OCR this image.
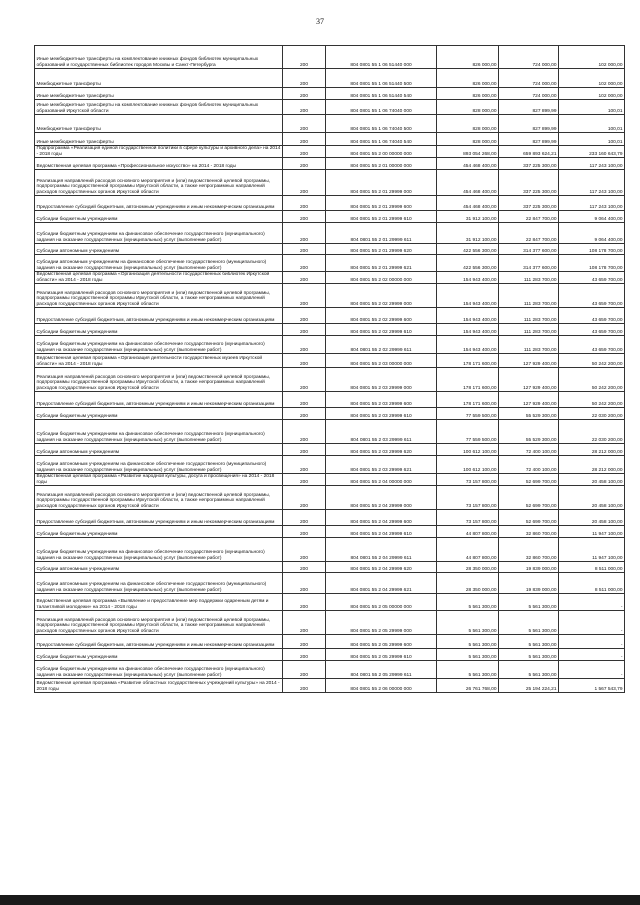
37
Иные межбюджетные трансферты на комплектование книжных фондов библиотек муниципальных образований и государственных библиотек городов Москвы и Санкт-Петербурга	200	804 0801 55 1 06 51440 000	826 000,00	724 000,00	102 000,00
Межбюджетные трансферты	200	804 0801 55 1 06 51440 500	826 000,00	724 000,00	102 000,00
Иные межбюджетные трансферты	200	804 0801 55 1 06 51440 540	826 000,00	724 000,00	102 000,00
Иные межбюджетные трансферты на комплектование книжных фондов библиотек муниципальных образований Иркутской области	200	804 0801 55 1 06 74040 000	828 000,00	827 899,99	100,01
Межбюджетные трансферты	200	804 0801 55 1 06 74040 500	828 000,00	827 899,99	100,01
Иные межбюджетные трансферты	200	804 0801 55 1 06 74040 540	828 000,00	827 899,99	100,01
Подпрограмма «Реализация единой государственной политики в сфере культуры и архивного дела» на 2014 - 2018 годы	200	804 0801 55 2 00 00000 000	893 054 268,00	659 893 624,21	233 160 643,79
Ведомственная целевая программа «Профессиональное искусство» на 2014 - 2018 годы	200	804 0801 55 2 01 00000 000	454 468 400,00	337 225 300,00	117 243 100,00
Реализация направлений расходов основного мероприятия и (или) ведомственной целевой программы, подпрограммы государственной программы Иркутской области, а также непрограммных направлений расходов государственных органов Иркутской области	200	804 0801 55 2 01 29999 000	454 468 400,00	337 225 300,00	117 243 100,00
Предоставление субсидий бюджетным, автономным учреждениям и иным некоммерческим организациям	200	804 0801 55 2 01 29999 600	454 468 400,00	337 225 300,00	117 243 100,00
Субсидии бюджетным учреждениям	200	804 0801 55 2 01 29999 610	31 912 100,00	22 847 700,00	9 064 400,00
Субсидии бюджетным учреждениям на финансовое обеспечение государственного (муниципального) задания на оказание государственных (муниципальных) услуг (выполнение работ)	200	804 0801 55 2 01 29999 611	31 912 100,00	22 847 700,00	9 064 400,00
Субсидии автономным учреждениям	200	804 0801 55 2 01 29999 620	422 556 300,00	314 377 600,00	108 178 700,00
Субсидии автономным учреждениям на финансовое обеспечение государственного (муниципального) задания на оказание государственных (муниципальных) услуг (выполнение работ)	200	804 0801 55 2 01 29999 621	422 556 300,00	314 377 600,00	108 178 700,00
Ведомственная целевая программа «Организация деятельности государственных библиотек Иркутской области» на 2014 - 2018 годы	200	804 0801 55 2 02 00000 000	154 943 400,00	111 283 700,00	43 659 700,00
Реализация направлений расходов основного мероприятия и (или) ведомственной целевой программы, подпрограммы государственной программы Иркутской области, а также непрограммных направлений расходов государственных органов Иркутской области	200	804 0801 55 2 02 29999 000	154 943 400,00	111 283 700,00	43 659 700,00
Предоставление субсидий бюджетным, автономным учреждениям и иным некоммерческим организациям	200	804 0801 55 2 02 29999 600	154 943 400,00	111 283 700,00	43 659 700,00
Субсидии бюджетным учреждениям	200	804 0801 55 2 02 29999 610	154 943 400,00	111 283 700,00	43 659 700,00
Субсидии бюджетным учреждениям на финансовое обеспечение государственного (муниципального) задания на оказание государственных (муниципальных) услуг (выполнение работ)	200	804 0801 55 2 02 29999 611	154 943 400,00	111 283 700,00	43 659 700,00
Ведомственная целевая программа «Организация деятельности государственных музеев Иркутской области» на 2014 - 2018 годы	200	804 0801 55 2 03 00000 000	178 171 600,00	127 929 400,00	50 242 200,00
Реализация направлений расходов основного мероприятия и (или) ведомственной целевой программы, подпрограммы государственной программы Иркутской области, а также непрограммных направлений расходов государственных органов Иркутской области	200	804 0801 55 2 03 29999 000	178 171 600,00	127 929 400,00	50 242 200,00
Предоставление субсидий бюджетным, автономным учреждениям и иным некоммерческим организациям	200	804 0801 55 2 03 29999 600	178 171 600,00	127 929 400,00	50 242 200,00
Субсидии бюджетным учреждениям	200	804 0801 55 2 03 29999 610	77 559 500,00	55 529 300,00	22 030 200,00
Субсидии бюджетным учреждениям на финансовое обеспечение государственного (муниципального) задания на оказание государственных (муниципальных) услуг (выполнение работ)	200	804 0801 55 2 03 29999 611	77 559 500,00	55 529 300,00	22 030 200,00
Субсидии автономным учреждениям	200	804 0801 55 2 03 29999 620	100 612 100,00	72 400 100,00	28 212 000,00
Субсидии автономным учреждениям на финансовое обеспечение государственного (муниципального) задания на оказание государственных (муниципальных) услуг (выполнение работ)	200	804 0801 55 2 03 29999 621	100 612 100,00	72 400 100,00	28 212 000,00
Ведомственная целевая программа «Развитие народной культуры, досуга и просвещения» на 2014 - 2018 годы	200	804 0801 55 2 04 00000 000	73 157 800,00	52 699 700,00	20 458 100,00
Реализация направлений расходов основного мероприятия и (или) ведомственной целевой программы, подпрограммы государственной программы Иркутской области, а также непрограммных направлений расходов государственных органов Иркутской области	200	804 0801 55 2 04 29999 000	73 157 800,00	52 699 700,00	20 458 100,00
Предоставление субсидий бюджетным, автономным учреждениям и иным некоммерческим организациям	200	804 0801 55 2 04 29999 600	73 157 800,00	52 699 700,00	20 458 100,00
Субсидии бюджетным учреждениям	200	804 0801 55 2 04 29999 610	44 807 800,00	32 860 700,00	11 947 100,00
Субсидии бюджетным учреждениям на финансовое обеспечение государственного (муниципального) задания на оказание государственных (муниципальных) услуг (выполнение работ)	200	804 0801 55 2 04 29999 611	44 807 800,00	32 860 700,00	11 947 100,00
Субсидии автономным учреждениям	200	804 0801 55 2 04 29999 620	28 350 000,00	19 839 000,00	8 511 000,00
Субсидии автономным учреждениям на финансовое обеспечение государственного (муниципального) задания на оказание государственных (муниципальных) услуг (выполнение работ)	200	804 0801 55 2 04 29999 621	28 350 000,00	19 839 000,00	8 511 000,00
Ведомственная целевая программа «Выявление и предоставление мер поддержки одаренным детям и талантливой молодежи» на 2014 - 2018 годы	200	804 0801 55 2 05 00000 000	5 561 300,00	5 561 300,00	-
Реализация направлений расходов основного мероприятия и (или) ведомственной целевой программы, подпрограммы государственной программы Иркутской области, а также непрограммных направлений расходов государственных органов Иркутской области	200	804 0801 55 2 05 29999 000	5 561 300,00	5 561 300,00	-
Предоставление субсидий бюджетным, автономным учреждениям и иным некоммерческим организациям	200	804 0801 55 2 05 29999 600	5 561 300,00	5 561 300,00	-
Субсидии бюджетным учреждениям	200	804 0801 55 2 05 29999 610	5 561 300,00	5 561 300,00	-
Субсидии бюджетным учреждениям на финансовое обеспечение государственного (муниципального) задания на оказание государственных (муниципальных) услуг (выполнение работ)	200	804 0801 55 2 05 29999 611	5 561 300,00	5 561 300,00	-
Ведомственная целевая программа «Развитие областных государственных учреждений культуры» на 2014 - 2018 годы	200	804 0801 55 2 06 00000 000	26 761 768,00	25 194 224,21	1 567 543,79
